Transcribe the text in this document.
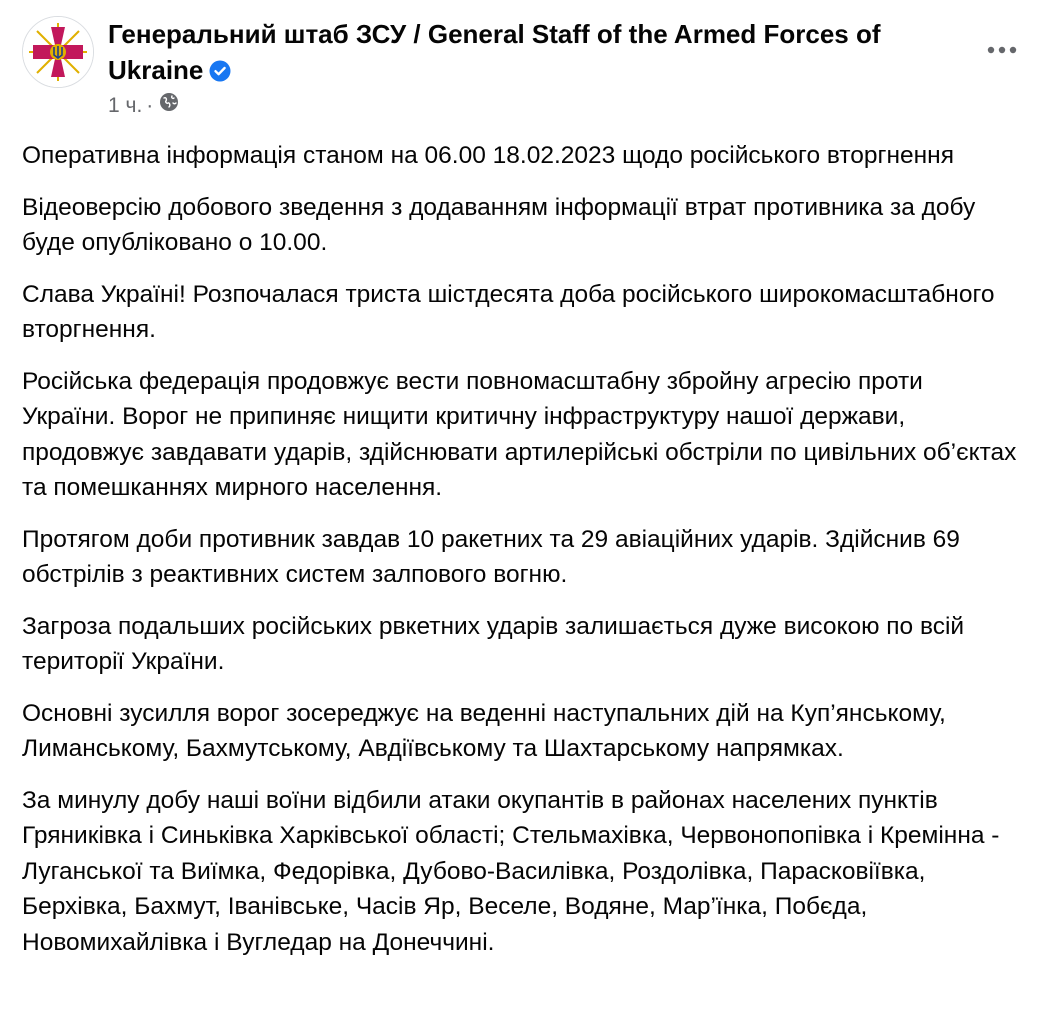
Генеральний штаб ЗСУ / General Staff of the Armed Forces of Ukraine
1 ч. ·

Оперативна інформація станом на 06.00 18.02.2023 щодо російського вторгнення

Відеоверсію добового зведення з додаванням інформації втрат противника за добу буде опубліковано о 10.00.

Слава Україні! Розпочалася триста шістдесята доба російського широкомасштабного вторгнення.

Російська федерація продовжує вести повномасштабну збройну агресію проти України. Ворог не припиняє нищити критичну інфраструктуру нашої держави, продовжує завдавати ударів, здійснювати артилерійські обстріли по цивільних об’єктах та помешканнях мирного населення.

Протягом доби противник завдав 10 ракетних та 29 авіаційних ударів. Здійснив 69 обстрілів з реактивних систем залпового вогню.

Загроза подальших російських рвкетних ударів залишається дуже високою по всій території України.

Основні зусилля ворог зосереджує на веденні наступальних дій на Куп’янському, Лиманському, Бахмутському, Авдіївському та Шахтарському напрямках.

За минулу добу наші воїни відбили атаки окупантів в районах населених пунктів Гряниківка і Синьківка Харківської області; Стельмахівка, Червонопопівка і Кремінна - Луганської та Виїмка, Федорівка, Дубово-Василівка, Роздолівка, Парасковіївка, Берхівка, Бахмут, Іванівське, Часів Яр, Веселе, Водяне, Мар’їнка, Побєда, Новомихайлівка і Вугледар на Донеччині.
